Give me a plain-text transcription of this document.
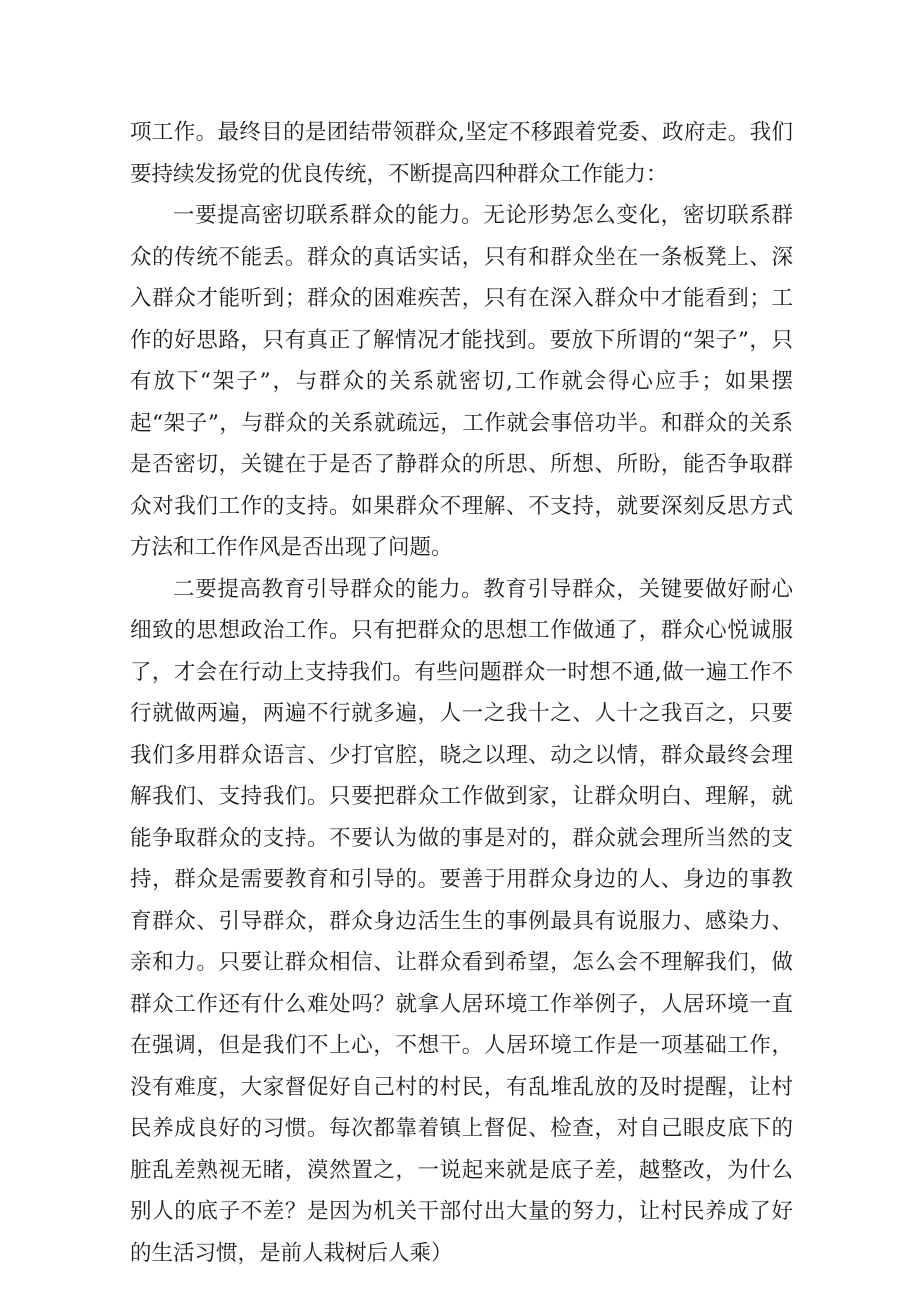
项工作。最终目的是团结带领群众,坚定不移跟着党委、政府走。我们要持续发扬党的优良传统，不断提高四种群众工作能力：

一要提高密切联系群众的能力。无论形势怎么变化，密切联系群众的传统不能丢。群众的真话实话，只有和群众坐在一条板凳上、深入群众才能听到；群众的困难疾苦，只有在深入群众中才能看到；工作的好思路，只有真正了解情况才能找到。要放下所谓的“架子”，只有放下“架子”，与群众的关系就密切,工作就会得心应手；如果摆起“架子”，与群众的关系就疏远，工作就会事倍功半。和群众的关系是否密切，关键在于是否了静群众的所思、所想、所盼，能否争取群众对我们工作的支持。如果群众不理解、不支持，就要深刻反思方式方法和工作作风是否出现了问题。

二要提高教育引导群众的能力。教育引导群众，关键要做好耐心细致的思想政治工作。只有把群众的思想工作做通了，群众心悦诚服了，才会在行动上支持我们。有些问题群众一时想不通,做一遍工作不行就做两遍，两遍不行就多遍，人一之我十之、人十之我百之，只要我们多用群众语言、少打官腔，晓之以理、动之以情，群众最终会理解我们、支持我们。只要把群众工作做到家，让群众明白、理解，就能争取群众的支持。不要认为做的事是对的，群众就会理所当然的支持，群众是需要教育和引导的。要善于用群众身边的人、身边的事教育群众、引导群众，群众身边活生生的事例最具有说服力、感染力、亲和力。只要让群众相信、让群众看到希望，怎么会不理解我们，做群众工作还有什么难处吗？就拿人居环境工作举例子，人居环境一直在强调，但是我们不上心，不想干。人居环境工作是一项基础工作，没有难度，大家督促好自己村的村民，有乱堆乱放的及时提醒，让村民养成良好的习惯。每次都靠着镇上督促、检查，对自己眼皮底下的脏乱差熟视无睹，漠然置之，一说起来就是底子差，越整改，为什么别人的底子不差？是因为机关干部付出大量的努力，让村民养成了好的生活习惯，是前人栽树后人乘）
